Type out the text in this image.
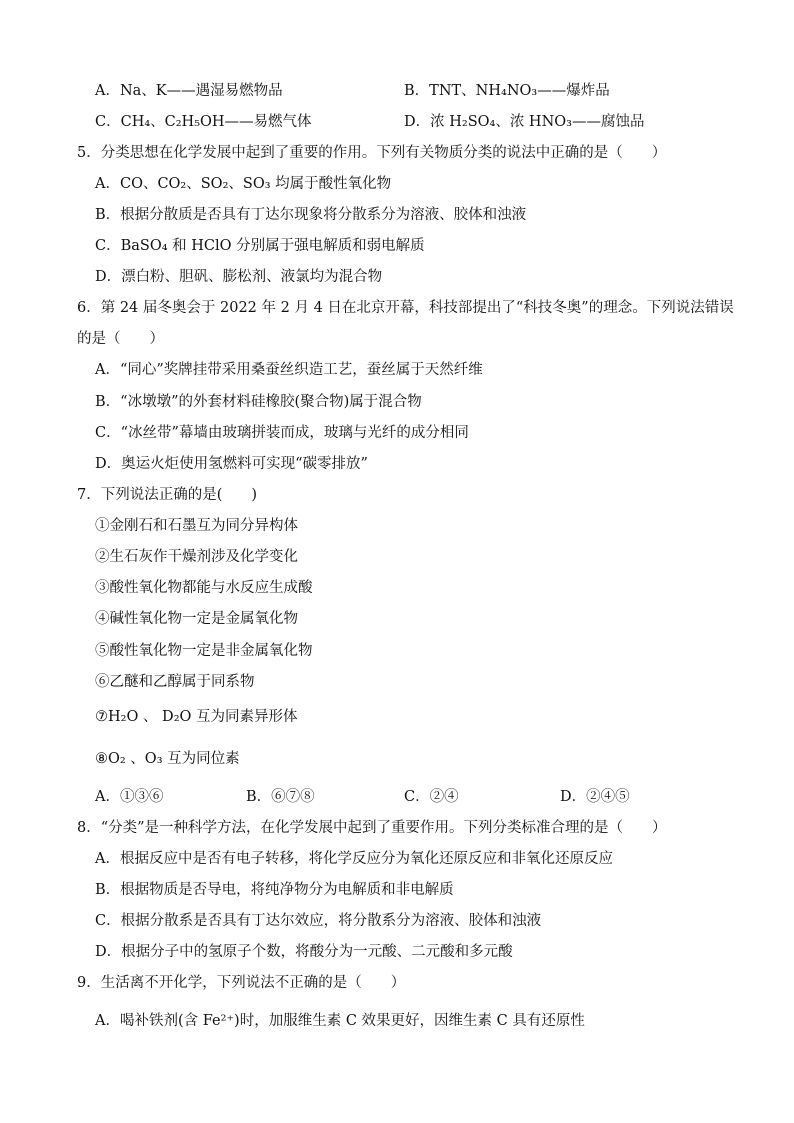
A．Na、K——遇湿易燃物品	B．TNT、NH₄NO₃——爆炸品
C．CH₄、C₂H₅OH——易燃气体	D．浓 H₂SO₄、浓 HNO₃——腐蚀品
5．分类思想在化学发展中起到了重要的作用。下列有关物质分类的说法中正确的是（　　）
A．CO、CO₂、SO₂、SO₃ 均属于酸性氧化物
B．根据分散质是否具有丁达尔现象将分散系分为溶液、胶体和浊液
C．BaSO₄ 和 HClO 分别属于强电解质和弱电解质
D．漂白粉、胆矾、膨松剂、液氯均为混合物
6．第 24 届冬奥会于 2022 年 2 月 4 日在北京开幕，科技部提出了“科技冬奥”的理念。下列说法错误
的是（　　）
A．“同心”奖牌挂带采用桑蚕丝织造工艺，蚕丝属于天然纤维
B．“冰墩墩”的外套材料硅橡胶(聚合物)属于混合物
C．“冰丝带”幕墙由玻璃拼装而成，玻璃与光纤的成分相同
D．奥运火炬使用氢燃料可实现“碳零排放”
7．下列说法正确的是(　　)
①金刚石和石墨互为同分异构体
②生石灰作干燥剂涉及化学变化
③酸性氧化物都能与水反应生成酸
④碱性氧化物一定是金属氧化物
⑤酸性氧化物一定是非金属氧化物
⑥乙醚和乙醇属于同系物
⑦H₂O 、 D₂O 互为同素异形体
⑧O₂ 、O₃ 互为同位素
A．①③⑥	B．⑥⑦⑧	C．②④	D．②④⑤
8．“分类”是一种科学方法，在化学发展中起到了重要作用。下列分类标准合理的是（　　）
A．根据反应中是否有电子转移，将化学反应分为氧化还原反应和非氧化还原反应
B．根据物质是否导电，将纯净物分为电解质和非电解质
C．根据分散系是否具有丁达尔效应，将分散系分为溶液、胶体和浊液
D．根据分子中的氢原子个数，将酸分为一元酸、二元酸和多元酸
9．生活离不开化学，下列说法不正确的是（　　）
A．喝补铁剂(含 Fe²⁺)时，加服维生素 C 效果更好，因维生素 C 具有还原性
